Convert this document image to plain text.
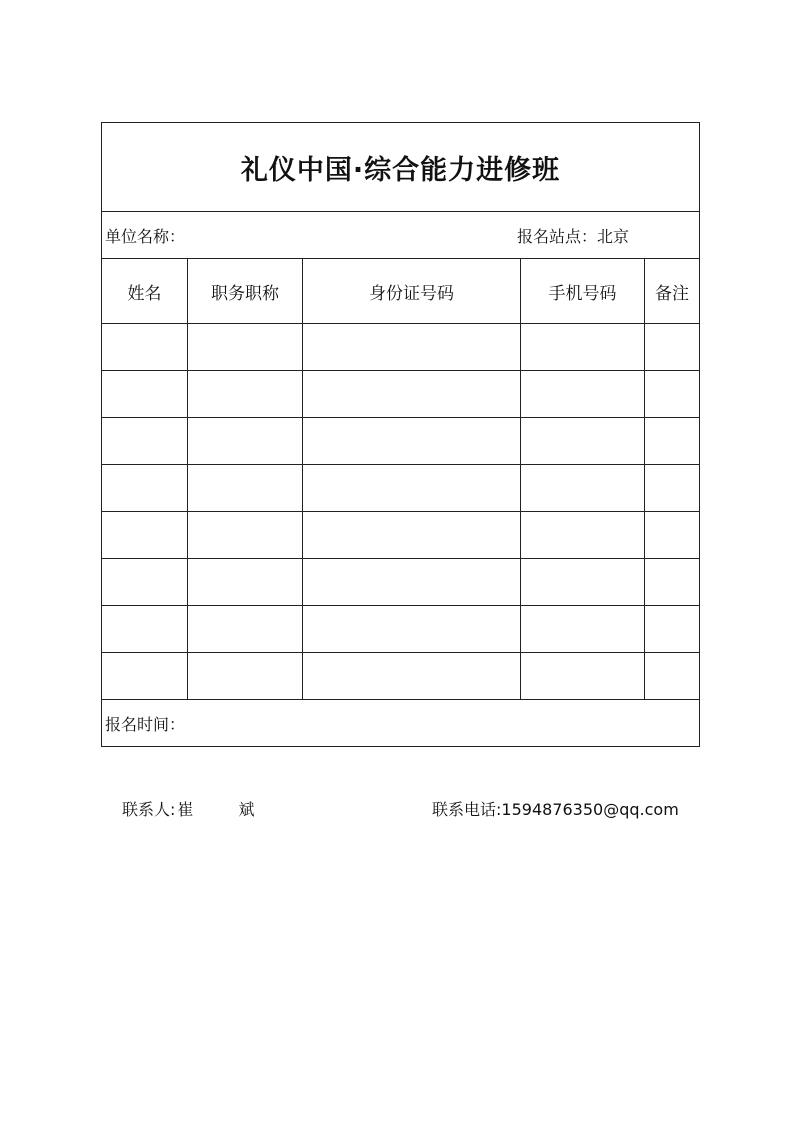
礼仪中国·综合能力进修班				

单位名称： 报名站点：北京				

姓名	职务职称	身份证号码	手机号码	备注

报名时间：				
联系人: 崔 斌	联系电话:1594876350@qq.com
